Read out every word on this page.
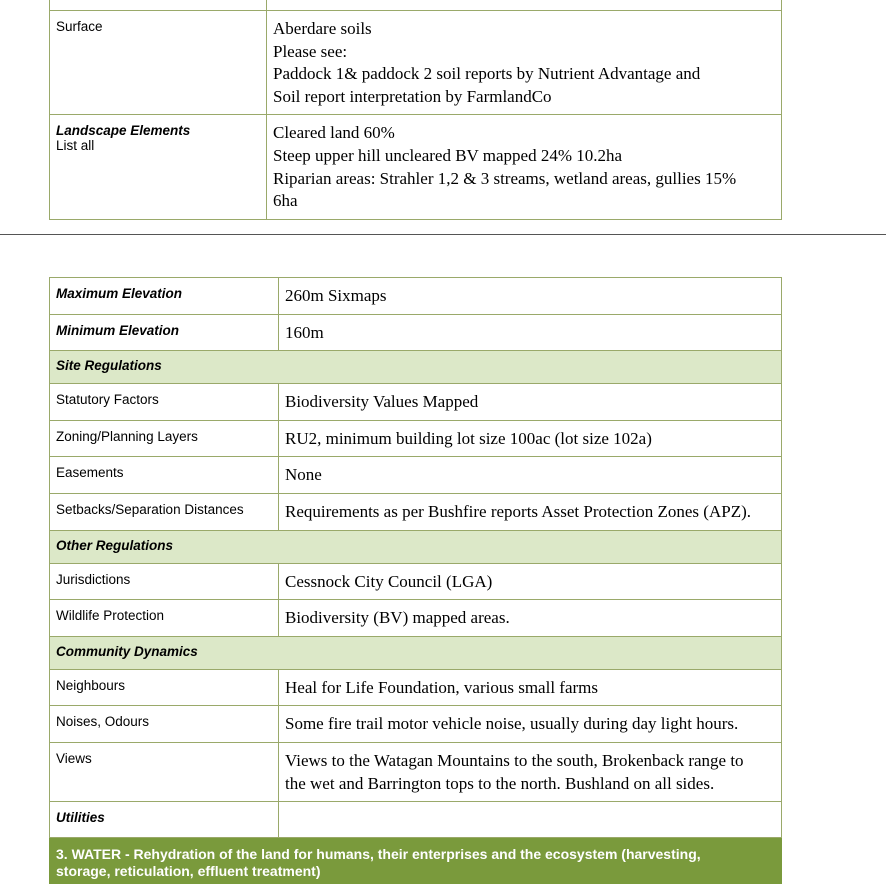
Surface	Aberdare soils
Please see:
Paddock 1& paddock 2 soil reports by Nutrient Advantage and
Soil report interpretation by FarmlandCo

Landscape Elements
List all	Cleared land 60%
Steep upper hill uncleared BV mapped 24% 10.2ha
Riparian areas: Strahler 1,2 & 3 streams, wetland areas, gullies 15%
6ha
Maximum Elevation	260m Sixmaps
Minimum Elevation	160m
Site Regulations	
Statutory Factors	Biodiversity Values Mapped
Zoning/Planning Layers	RU2, minimum building lot size 100ac (lot size 102a)
Easements	None
Setbacks/Separation Distances	Requirements as per Bushfire reports Asset Protection Zones (APZ).
Other Regulations	
Jurisdictions	Cessnock City Council (LGA)
Wildlife Protection	Biodiversity (BV) mapped areas.
Community Dynamics	
Neighbours	Heal for Life Foundation, various small farms
Noises, Odours	Some fire trail motor vehicle noise, usually during day light hours.
Views	Views to the Watagan Mountains to the south, Brokenback range to
the wet and Barrington tops to the north. Bushland on all sides.

Utilities	

3. WATER - Rehydration of the land for humans, their enterprises and the ecosystem (harvesting,
storage, reticulation, effluent treatment)	
